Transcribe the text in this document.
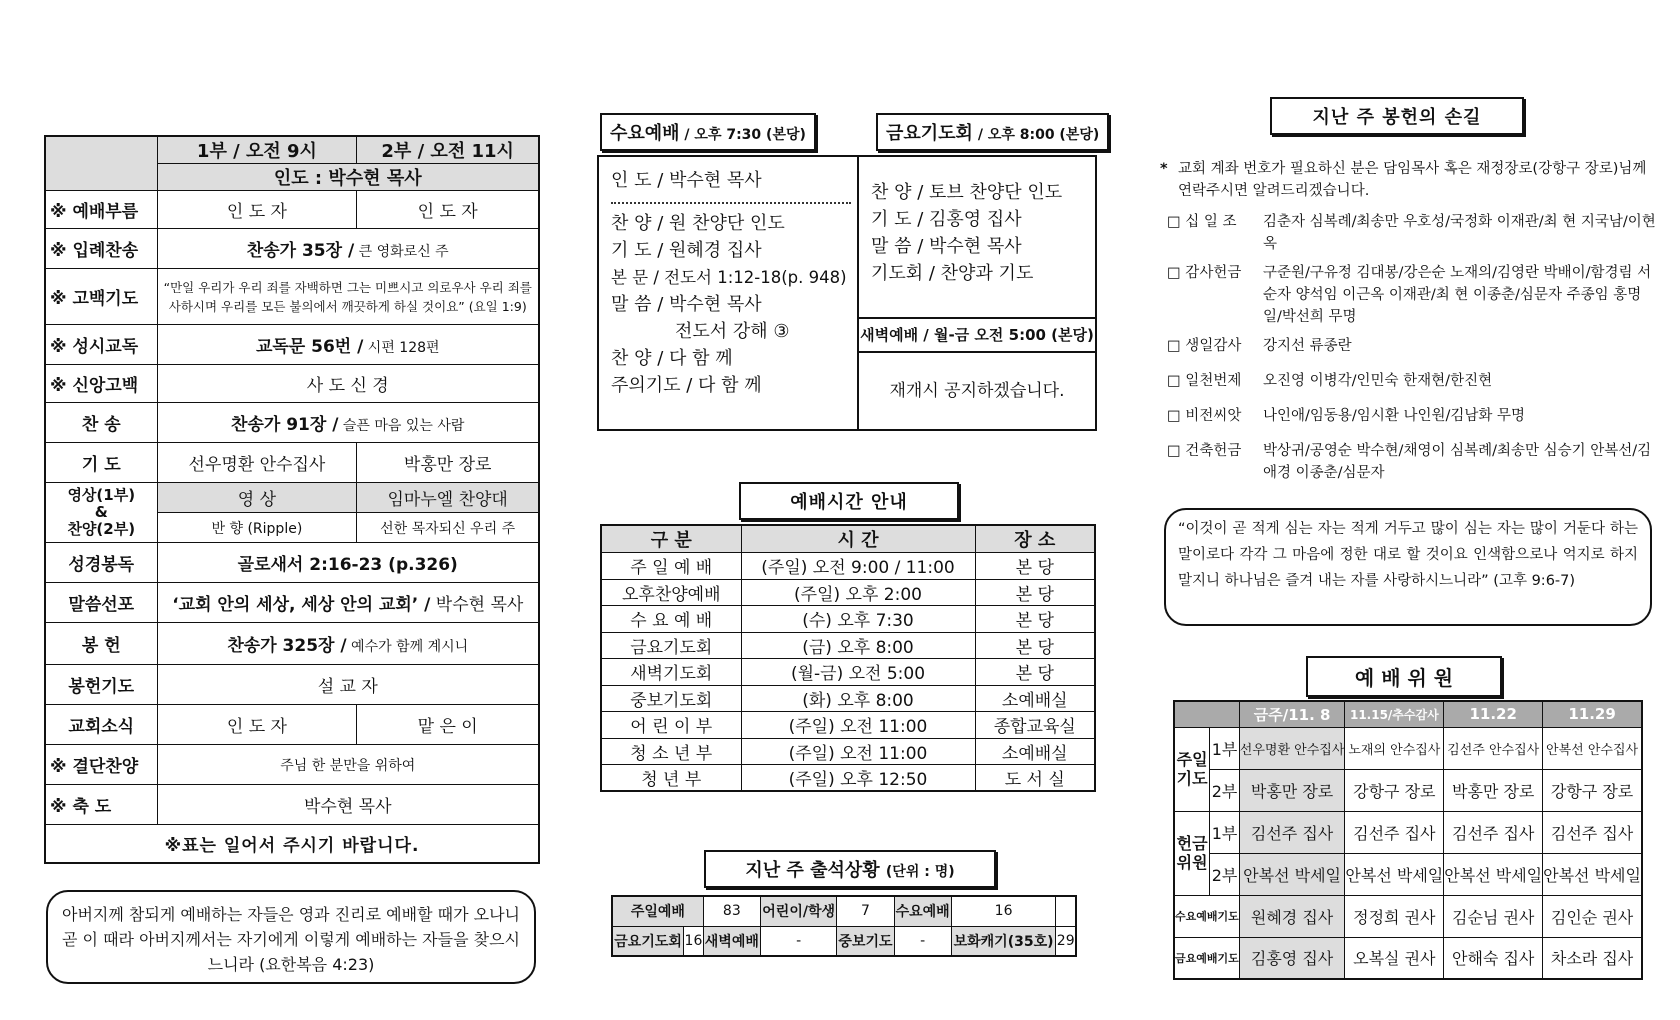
	1부 / 오전 9시	2부 / 오전 11시
	인도 : 박수현 목사	
※ 예배부름	인 도 자	인 도 자
※ 입례찬송	찬송가 35장 / 큰 영화로신 주	
※ 고백기도	“만일 우리가 우리 죄를 자백하면 그는 미쁘시고 의로우사 우리 죄를 사하시며 우리를 모든 불의에서 깨끗하게 하실 것이요” (요일 1:9)	
※ 성시교독	교독문 56번 / 시편 128편	
※ 신앙고백	사 도 신 경	
찬 송	찬송가 91장 / 슬픈 마음 있는 사람	
기 도	선우명환 안수집사	박홍만 장로

영상(1부)
&
찬양(2부)	영 상	임마누엘 찬양대
	반 향 (Ripple)	선한 목자되신 우리 주
성경봉독	골로새서 2:16-23 (p.326)	
말씀선포	‘교회 안의 세상, 세상 안의 교회’ / 박수현 목사	
봉 헌	찬송가 325장 / 예수가 함께 계시니	
봉헌기도	설 교 자	
교회소식	인 도 자	맡 은 이
※ 결단찬양	주님 한 분만을 위하여	
※ 축 도	박수현 목사	
※표는 일어서 주시기 바랍니다.		
아버지께 참되게 예배하는 자들은 영과 진리로 예배할 때가 오나니 곧 이 때라 아버지께서는 자기에게 이렇게 예배하는 자들을 찾으시느니라 (요한복음 4:23)
수요예배 / 오후 7:30 (본당)	금요기도회 / 오후 8:00 (본당)
인 도 / 박수현 목사
찬 양 / 원 찬양단 인도
기 도 / 원혜경 집사
본 문 / 전도서 1:12-18(p. 948)
말 씀 / 박수현 목사
전도서 강해 ③
찬 양 / 다 함 께
주의기도 / 다 함 께
찬 양 / 토브 찬양단 인도
기 도 / 김홍영 집사
말 씀 / 박수현 목사
기도회 / 찬양과 기도
새벽예배 / 월-금 오전 5:00 (본당)
재개시 공지하겠습니다.
예배시간 안내
구 분	시 간	장 소
주 일 예 배	(주일) 오전 9:00 / 11:00	본 당
오후찬양예배	(주일) 오후 2:00	본 당
수 요 예 배	(수) 오후 7:30	본 당
금요기도회	(금) 오후 8:00	본 당
새벽기도회	(월-금) 오전 5:00	본 당
중보기도회	(화) 오후 8:00	소예배실
어 린 이 부	(주일) 오전 11:00	종합교육실
청 소 년 부	(주일) 오전 11:00	소예배실
청 년 부	(주일) 오후 12:50	도 서 실
지난 주 출석상황 (단위 : 명)
주일예배		83	어린이/학생	7	수요예배	16	
금요기도회	16	새벽예배	-	중보기도	-	보화캐기(35호)	29
지난 주 봉헌의 손길
* 교회 계좌 번호가 필요하신 분은 담임목사 혹은 재정장로(강항구 장로)님께 연락주시면 알려드리겠습니다.
□ 십 일 조	김춘자 심복례/최송만 우호성/국정화 이재관/최 현 지국남/이현옥
□ 감사헌금	구준원/구유정 김대봉/강은순 노재의/김영란 박배이/함경림 서순자 양석임 이근옥 이재관/최 현 이종춘/심문자 주종임 홍명일/박선희 무명
□ 생일감사	강지선 류종란
□ 일천번제	오진영 이병각/인민숙 한재현/한진현
□ 비전씨앗	나인애/임동용/임시환 나인원/김남화 무명
□ 건축헌금	박상귀/공영순 박수현/채영이 심복례/최송만 심승기 안복선/김애경 이종춘/심문자
“이것이 곧 적게 심는 자는 적게 거두고 많이 심는 자는 많이 거둔다 하는 말이로다 각각 그 마음에 정한 대로 할 것이요 인색함으로나 억지로 하지 말지니 하나님은 즐겨 내는 자를 사랑하시느니라” (고후 9:6-7)
예 배 위 원
		금주/11. 8	11.15/추수감사	11.22	11.29
주일기도	1부	선우명환 안수집사	노재의 안수집사	김선주 안수집사	안복선 안수집사
	2부	박홍만 장로	강항구 장로	박홍만 장로	강항구 장로
헌금위원	1부	김선주 집사	김선주 집사	김선주 집사	김선주 집사
	2부	안복선 박세일	안복선 박세일	안복선 박세일	안복선 박세일
수요예배기도		원혜경 집사	정정희 권사	김순님 권사	김인순 권사
금요예배기도		김홍영 집사	오복실 권사	안해숙 집사	차소라 집사
